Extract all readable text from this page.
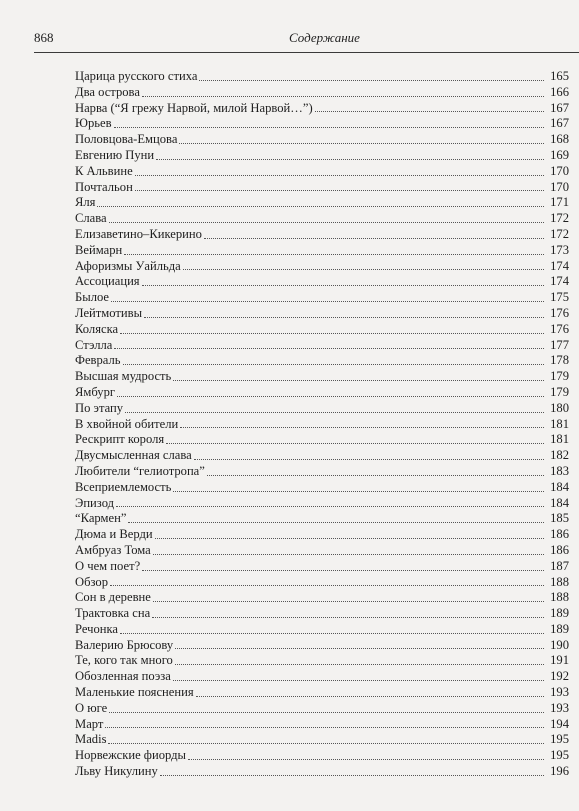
868	Содержание
Царица русского стиха	165
Два острова	166
Нарва (“Я грежу Нарвой, милой Нарвой…”)	167
Юрьев	167
Половцова-Емцова	168
Евгению Пуни	169
К Альвине	170
Почтальон	170
Яля	171
Слава	172
Елизаветино–Кикерино	172
Веймарн	173
Афоризмы Уайльда	174
Ассоциация	174
Былое	175
Лейтмотивы	176
Коляска	176
Стэлла	177
Февраль	178
Высшая мудрость	179
Ямбург	179
По этапу	180
В хвойной обители	181
Рескрипт короля	181
Двусмысленная слава	182
Любители “гелиотропа”	183
Всеприемлемость	184
Эпизод	184
“Кармен”	185
Дюма и Верди	186
Амбруаз Тома	186
О чем поет?	187
Обзор	188
Сон в деревне	188
Трактовка сна	189
Речонка	189
Валерию Брюсову	190
Те, кого так много	191
Обозленная поэза	192
Маленькие пояснения	193
О юге	193
Март	194
Madis	195
Норвежские фиорды	195
Льву Никулину	196
